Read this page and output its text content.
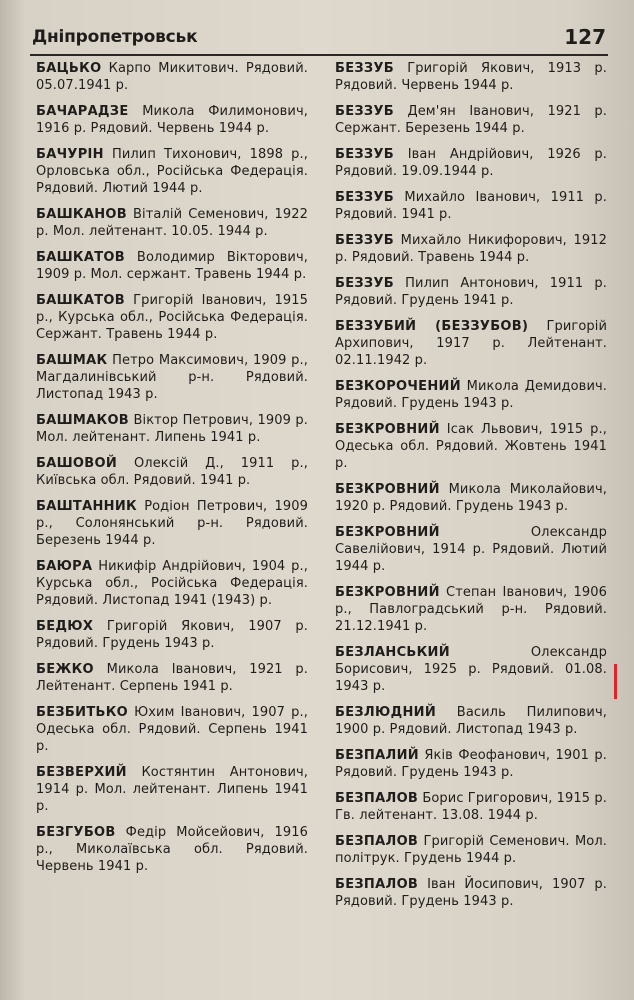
Дніпропетровськ	127
БАЦЬКО Карпо Микитович. Рядовий. 05.07.1941 р.
БАЧАРАДЗЕ Микола Филимонович, 1916 р. Рядовий. Червень 1944 р.
БАЧУРІН Пилип Тихонович, 1898 р., Орловська обл., Російська Федерація. Рядовий. Лютий 1944 р.
БАШКАНОВ Віталій Семенович, 1922 р. Мол. лейтенант. 10.05. 1944 р.
БАШКАТОВ Володимир Вікторович, 1909 р. Мол. сержант. Травень 1944 р.
БАШКАТОВ Григорій Іванович, 1915 р., Курська обл., Російська Федерація. Сержант. Травень 1944 р.
БАШМАК Петро Максимович, 1909 р., Магдалинівський р-н. Рядовий. Листопад 1943 р.
БАШМАКОВ Віктор Петрович, 1909 р. Мол. лейтенант. Липень 1941 р.
БАШОВОЙ Олексій Д., 1911 р., Київська обл. Рядовий. 1941 р.
БАШТАННИК Родіон Петрович, 1909 р., Солонянський р-н. Рядовий. Березень 1944 р.
БАЮРА Никифір Андрійович, 1904 р., Курська обл., Російська Федерація. Рядовий. Листопад 1941 (1943) р.
БЕДЮХ Григорій Якович, 1907 р. Рядовий. Грудень 1943 р.
БЕЖКО Микола Іванович, 1921 р. Лейтенант. Серпень 1941 р.
БЕЗБИТЬКО Юхим Іванович, 1907 р., Одеська обл. Рядовий. Серпень 1941 р.
БЕЗВЕРХИЙ Костянтин Антонович, 1914 р. Мол. лейтенант. Липень 1941 р.
БЕЗГУБОВ Федір Мойсейович, 1916 р., Миколаївська обл. Рядовий. Червень 1941 р.
БЕЗЗУБ Григорій Якович, 1913 р. Рядовий. Червень 1944 р.
БЕЗЗУБ Дем'ян Іванович, 1921 р. Сержант. Березень 1944 р.
БЕЗЗУБ Іван Андрійович, 1926 р. Рядовий. 19.09.1944 р.
БЕЗЗУБ Михайло Іванович, 1911 р. Рядовий. 1941 р.
БЕЗЗУБ Михайло Никифорович, 1912 р. Рядовий. Травень 1944 р.
БЕЗЗУБ Пилип Антонович, 1911 р. Рядовий. Грудень 1941 р.
БЕЗЗУБИЙ (БЕЗЗУБОВ) Григорій Архипович, 1917 р. Лейтенант. 02.11.1942 р.
БЕЗКОРОЧЕНИЙ Микола Демидович. Рядовий. Грудень 1943 р.
БЕЗКРОВНИЙ Ісак Львович, 1915 р., Одеська обл. Рядовий. Жовтень 1941 р.
БЕЗКРОВНИЙ Микола Миколайович, 1920 р. Рядовий. Грудень 1943 р.
БЕЗКРОВНИЙ	Олександр Савелійович, 1914 р. Рядовий. Лютий 1944 р.
БЕЗКРОВНИЙ Степан Іванович, 1906 р., Павлоградський р-н. Рядовий. 21.12.1941 р.
БЕЗЛАНСЬКИЙ	Олександр Борисович, 1925 р. Рядовий. 01.08. 1943 р.
БЕЗЛЮДНИЙ Василь Пилипович, 1900 р. Рядовий. Листопад 1943 р.
БЕЗПАЛИЙ Яків Феофанович, 1901 р. Рядовий. Грудень 1943 р.
БЕЗПАЛОВ Борис Григорович, 1915 р. Гв. лейтенант. 13.08. 1944 р.
БЕЗПАЛОВ Григорій Семенович. Мол. політрук. Грудень 1944 р.
БЕЗПАЛОВ Іван Йосипович, 1907 р. Рядовий. Грудень 1943 р.
